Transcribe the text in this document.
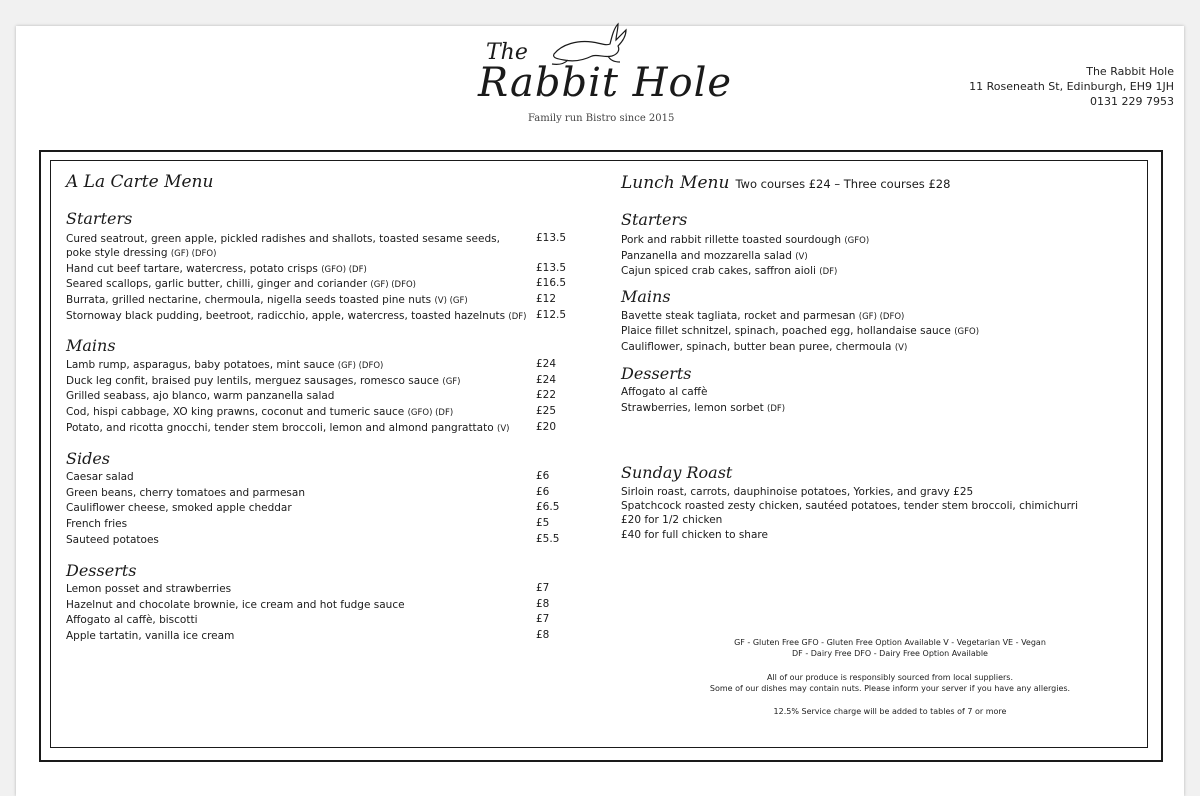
The
Rabbit Hole
Family run Bistro since 2015
The Rabbit Hole
11 Roseneath St, Edinburgh, EH9 1JH
0131 229 7953
A La Carte Menu
Starters
Cured seatrout, green apple, pickled radishes and shallots, toasted sesame seeds,	£13.5
poke style dressing (GF) (DFO)
Hand cut beef tartare, watercress, potato crisps (GFO) (DF)	£13.5
Seared scallops, garlic butter, chilli, ginger and coriander (GF) (DFO)	£16.5
Burrata, grilled nectarine, chermoula, nigella seeds toasted pine nuts (V) (GF)	£12
Stornoway black pudding, beetroot, radicchio, apple, watercress, toasted hazelnuts (DF) £12.5
Mains
Lamb rump, asparagus, baby potatoes, mint sauce (GF) (DFO)	£24
Duck leg confit, braised puy lentils, merguez sausages, romesco sauce (GF)	£24
Grilled seabass, ajo blanco, warm panzanella salad	£22
Cod, hispi cabbage, XO king prawns, coconut and tumeric sauce (GFO) (DF)	£25
Potato, and ricotta gnocchi, tender stem broccoli, lemon and almond pangrattato (V)	£20
Sides
Caesar salad	£6
Green beans, cherry tomatoes and parmesan	£6
Cauliflower cheese, smoked apple cheddar	£6.5
French fries	£5
Sauteed potatoes	£5.5
Desserts
Lemon posset and strawberries	£7
Hazelnut and chocolate brownie, ice cream and hot fudge sauce	£8
Affogato al caffè, biscotti	£7
Apple tartatin, vanilla ice cream	£8
Lunch Menu Two courses £24 – Three courses £28
Starters
Pork and rabbit rillette toasted sourdough (GFO)
Panzanella and mozzarella salad (V)
Cajun spiced crab cakes, saffron aioli (DF)
Mains
Bavette steak tagliata, rocket and parmesan (GF) (DFO)
Plaice fillet schnitzel, spinach, poached egg, hollandaise sauce (GFO)
Cauliflower, spinach, butter bean puree, chermoula (V)
Desserts
Affogato al caffè
Strawberries, lemon sorbet (DF)
Sunday Roast
Sirloin roast, carrots, dauphinoise potatoes, Yorkies, and gravy £25
Spatchcock roasted zesty chicken, sautéed potatoes, tender stem broccoli, chimichurri
£20 for 1/2 chicken
£40 for full chicken to share
GF - Gluten Free GFO - Gluten Free Option Available V - Vegetarian VE - Vegan
DF - Dairy Free DFO - Dairy Free Option Available
All of our produce is responsibly sourced from local suppliers.
Some of our dishes may contain nuts. Please inform your server if you have any allergies.
12.5% Service charge will be added to tables of 7 or more
